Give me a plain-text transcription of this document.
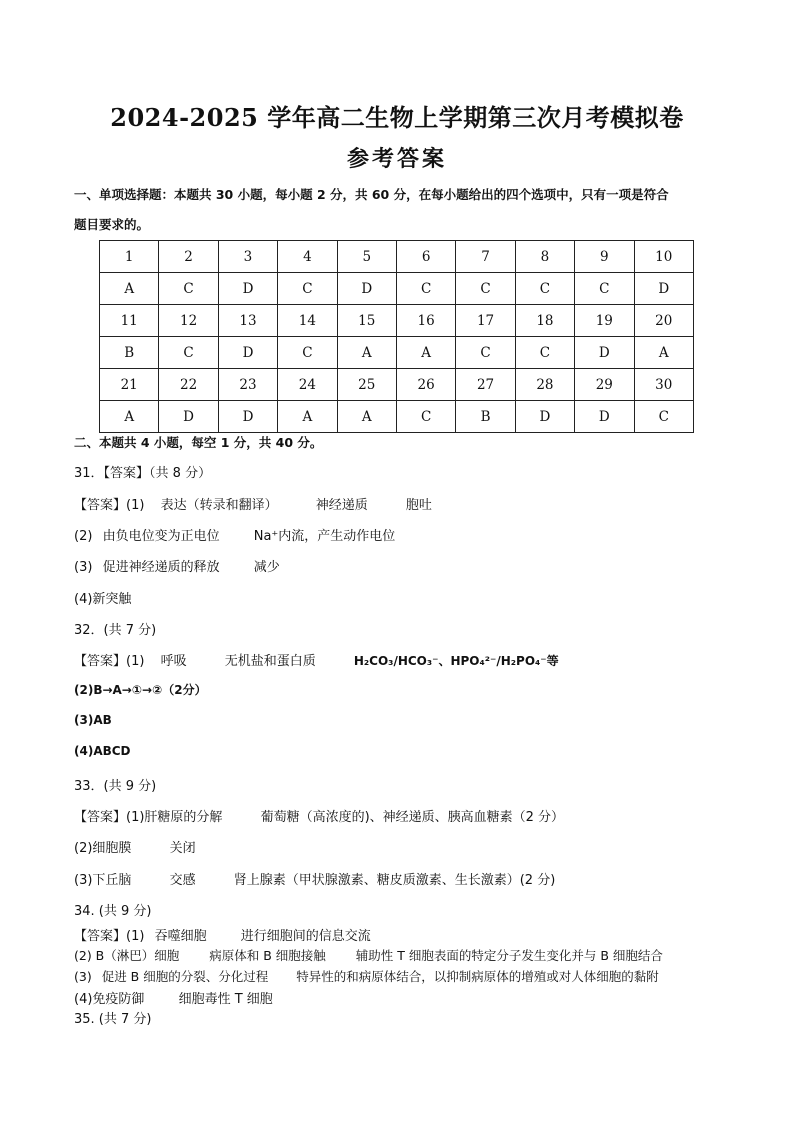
2024-2025 学年高二生物上学期第三次月考模拟卷
参考答案
一、单项选择题：本题共 30 小题，每小题 2 分，共 60 分，在每小题给出的四个选项中，只有一项是符合
题目要求的。
1	2	3	4	5	6	7	8	9	10
A	C	D	C	D	C	C	C	C	D
11	12	13	14	15	16	17	18	19	20
B	C	D	C	A	A	C	C	D	A
21	22	23	24	25	26	27	28	29	30
A	D	D	A	A	C	B	D	D	C
二、本题共 4 小题，每空 1 分，共 40 分。
31．【答案】（共 8 分）
【答案】(1) 表达（转录和翻译）	神经递质	胞吐
(2) 由负电位变为正电位	Na⁺内流，产生动作电位
(3) 促进神经递质的释放	减少
(4)新突触
32．(共 7 分)
【答案】(1) 呼吸	无机盐和蛋白质	H₂CO₃/HCO₃⁻、HPO₄²⁻/H₂PO₄⁻等
(2)B→A→①→②（2分）
(3)AB
(4)ABCD
33．(共 9 分)
【答案】(1)肝糖原的分解	葡萄糖（高浓度的)、神经递质、胰高血糖素（2 分）
(2)细胞膜	关闭
(3)下丘脑	交感	肾上腺素（甲状腺激素、糖皮质激素、生长激素）(2 分)
34. (共 9 分)
【答案】(1) 吞噬细胞	进行细胞间的信息交流
(2) B（淋巴）细胞 病原体和 B 细胞接触 辅助性 T 细胞表面的特定分子发生变化并与 B 细胞结合
(3) 促进 B 细胞的分裂、分化过程 特异性的和病原体结合，以抑制病原体的增殖或对人体细胞的黏附
(4)免疫防御	细胞毒性 T 细胞
35. (共 7 分)
